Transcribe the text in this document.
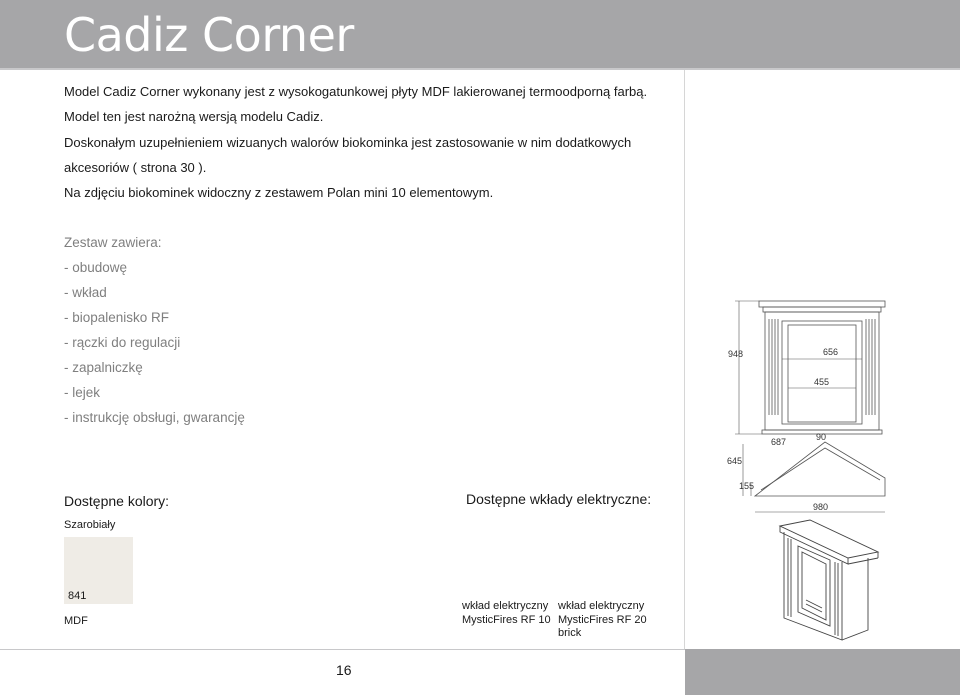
Cadiz Corner
Model Cadiz Corner wykonany jest z wysokogatunkowej płyty MDF lakierowanej termoodporną farbą.
Model ten jest narożną wersją modelu Cadiz.
Doskonałym uzupełnieniem wizuanych walorów biokominka jest zastosowanie w nim dodatkowych
akcesoriów ( strona 30 ).
Na zdjęciu biokominek widoczny z zestawem Polan mini 10 elementowym.
Zestaw zawiera:
- obudowę
- wkład
- biopalenisko RF
- rączki do regulacji
- zapalniczkę
- lejek
- instrukcję obsługi, gwarancję
Dostępne kolory:
Szarobiały
841
MDF
Dostępne wkłady elektryczne:
wkład elektryczny
MysticFires RF 10
wkład elektryczny
MysticFires RF 20
brick
948	656
455
687	90
645
155
980
16
